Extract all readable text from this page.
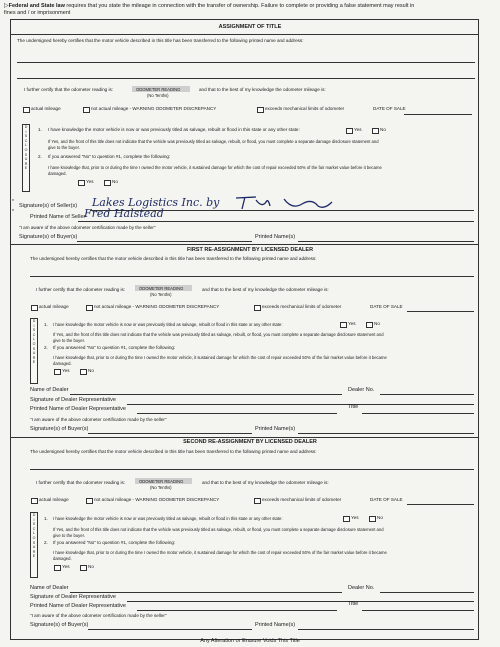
▷Federal and State law requires that you state the mileage in connection with the transfer of ownership. Failure to complete or providing a false statement may result in
fines and / or imprisonment
ASSIGNMENT OF TITLE
The undersigned hereby certifies that the motor vehicle described in this title has been transferred to the following printed name and address:
I further certify that the odometer reading is:	ODOMETER READING
(No Tenths)
and that to the best of my knowledge the odometer mileage is:
actual mileage	not actual mileage - WARNING ODOMETER DISCREPANCY	exceeds mechanical limits of odometer	DATE OF SALE
D
I
S
C
L
O
S
U
R
E
1. I have knowledge the motor vehicle is now or was previously titled as salvage, rebuilt or flood in this state or any other state:	Yes	No
If Yes, and the front of this title does not indicate that the vehicle was previously titled as salvage, rebuilt, or flood, you must complete a separate damage disclosure statement and
give to the buyer.
2. If you answered "No" to question #1, complete the following:
I have knowledge that, prior to or during the time I owned the motor vehicle, it sustained damage for which the cost of repair exceeded 50% of the fair market value before it became
damaged.
Yes	No
*
Signature(s) of Seller(s) Lakes Logistics Inc. by
*
Printed Name of Seller
Fred Halstead
"I am aware of the above odometer certification made by the seller"
Signature(s) of Buyer(s)	Printed Name(s)
FIRST RE-ASSIGNMENT BY LICENSED DEALER
The undersigned hereby certifies that the motor vehicle described in this title has been transferred to the following printed name and address:
I further certify that the odometer reading is:	ODOMETER READING
(No Tenths)
and that to the best of my knowledge the odometer mileage is:
actual mileage	not actual mileage - WARNING ODOMETER DISCREPANCY	exceeds mechanical limits of odometer	DATE OF SALE
D
I
S
C
L
O
S
U
R
E
1. I have knowledge the motor vehicle is now or was previously titled as salvage, rebuilt or flood in this state or any other state:	Yes	No
If Yes, and the front of this title does not indicate that the vehicle was previously titled as salvage, rebuilt, or flood, you must complete a separate damage disclosure statement and
give to the buyer.
2. If you answered "No" to question #1, complete the following:
I have knowledge that, prior to or during the time I owned the motor vehicle, it sustained damage for which the cost of repair exceeded 50% of the fair market value before it became
damaged.
Yes	No
Name of Dealer	Dealer No.
Signature of Dealer Representative
Printed Name of Dealer Representative	Title
"I am aware of the above odometer certification made by the seller"
Signature(s) of Buyer(s)	Printed Name(s)
SECOND RE-ASSIGNMENT BY LICENSED DEALER
The undersigned hereby certifies that the motor vehicle described in this title has been transferred to the following printed name and address:
I further certify that the odometer reading is:	ODOMETER READING
(No Tenths)
and that to the best of my knowledge the odometer mileage is:
actual mileage	not actual mileage - WARNING ODOMETER DISCREPANCY	exceeds mechanical limits of odometer	DATE OF SALE
D
I
S
C
L
O
S
U
R
E
1. I have knowledge the motor vehicle is now or was previously titled as salvage, rebuilt or flood in this state or any other state:	Yes	No
If Yes, and the front of this title does not indicate that the vehicle was previously titled as salvage, rebuilt, or flood, you must complete a separate damage disclosure statement and
give to the buyer.
2. If you answered "No" to question #1, complete the following:
I have knowledge that, prior to or during the time I owned the motor vehicle, it sustained damage for which the cost of repair exceeded 50% of the fair market value before it became
damaged.
Yes	No
Name of Dealer	Dealer No.
Signature of Dealer Representative
Printed Name of Dealer Representative	Title
"I am aware of the above odometer certification made by the seller"
Signature(s) of Buyer(s)	Printed Name(s)
Any Alteration or Erasure Voids This Title
